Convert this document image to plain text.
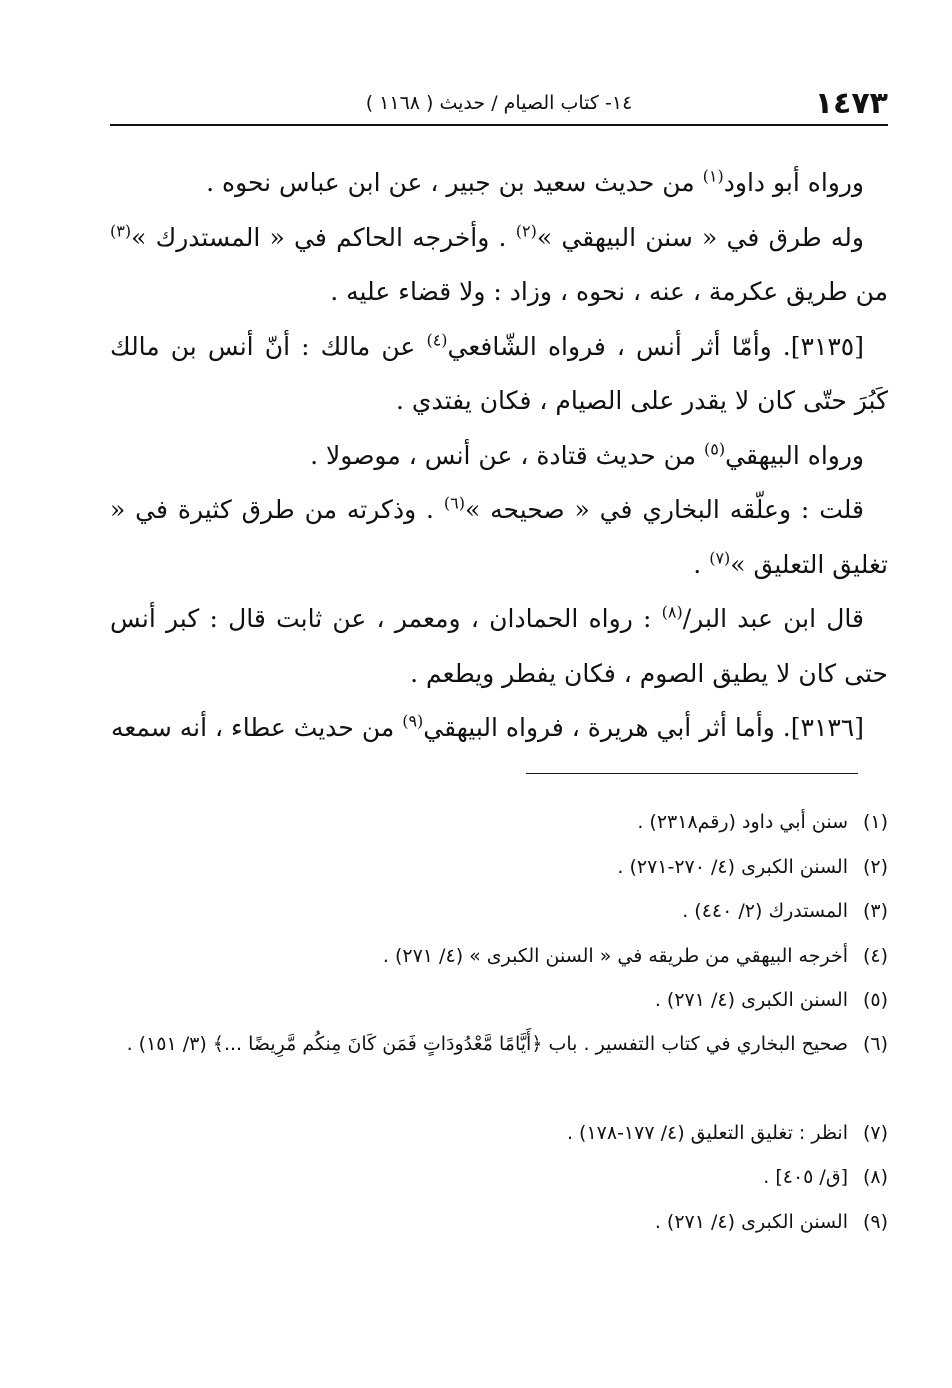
١٤٧٣
١٤- كتاب الصيام / حديث ( ١١٦٨ )

ورواه أبو داود$^{(١)}$ من حديث سعيد بن جبير ، عن ابن عباس نحوه .

وله طرق في « سنن البيهقي »$^{(٢)}$ . وأخرجه الحاكم في « المستدرك »$^{(٣)}$ من طريق عكرمة ، عنه ، نحوه ، وزاد : ولا قضاء عليه .

[٣١٣٥]. وأمّا أثر أنس ، فرواه الشّافعي$^{(٤)}$ عن مالك : أنّ أنس بن مالك كَبُرَ حتّى كان لا يقدر على الصيام ، فكان يفتدي .

ورواه البيهقي$^{(٥)}$ من حديث قتادة ، عن أنس ، موصولا .

قلت : وعلّقه البخاري في « صحيحه »$^{(٦)}$ . وذكرته من طرق كثيرة في « تغليق التعليق »$^{(٧)}$ .

قال ابن عبد البر/$^{(٨)}$ : رواه الحمادان ، ومعمر ، عن ثابت قال : كبر أنس حتى كان لا يطيق الصوم ، فكان يفطر ويطعم .

[٣١٣٦]. وأما أثر أبي هريرة ، فرواه البيهقي$^{(٩)}$ من حديث عطاء ، أنه سمعه

(١)
سنن أبي داود (رقم٢٣١٨) .
(٢)
السنن الكبرى (٤/ ٢٧٠-٢٧١) .
(٣)
المستدرك (٢/ ٤٤٠) .
(٤)
أخرجه البيهقي من طريقه في « السنن الكبرى » (٤/ ٢٧١) .
(٥)
السنن الكبرى (٤/ ٢٧١) .
(٦)
صحيح البخاري في كتاب التفسير . باب ﴿أَيَّامًا مَّعْدُودَاتٍ فَمَن كَانَ مِنكُم مَّرِيضًا ...﴾ (٣/ ١٥١) .
(٧)
انظر : تغليق التعليق (٤/ ١٧٧-١٧٨) .
(٨)
[ق/ ٤٠٥] .
(٩)
السنن الكبرى (٤/ ٢٧١) .
